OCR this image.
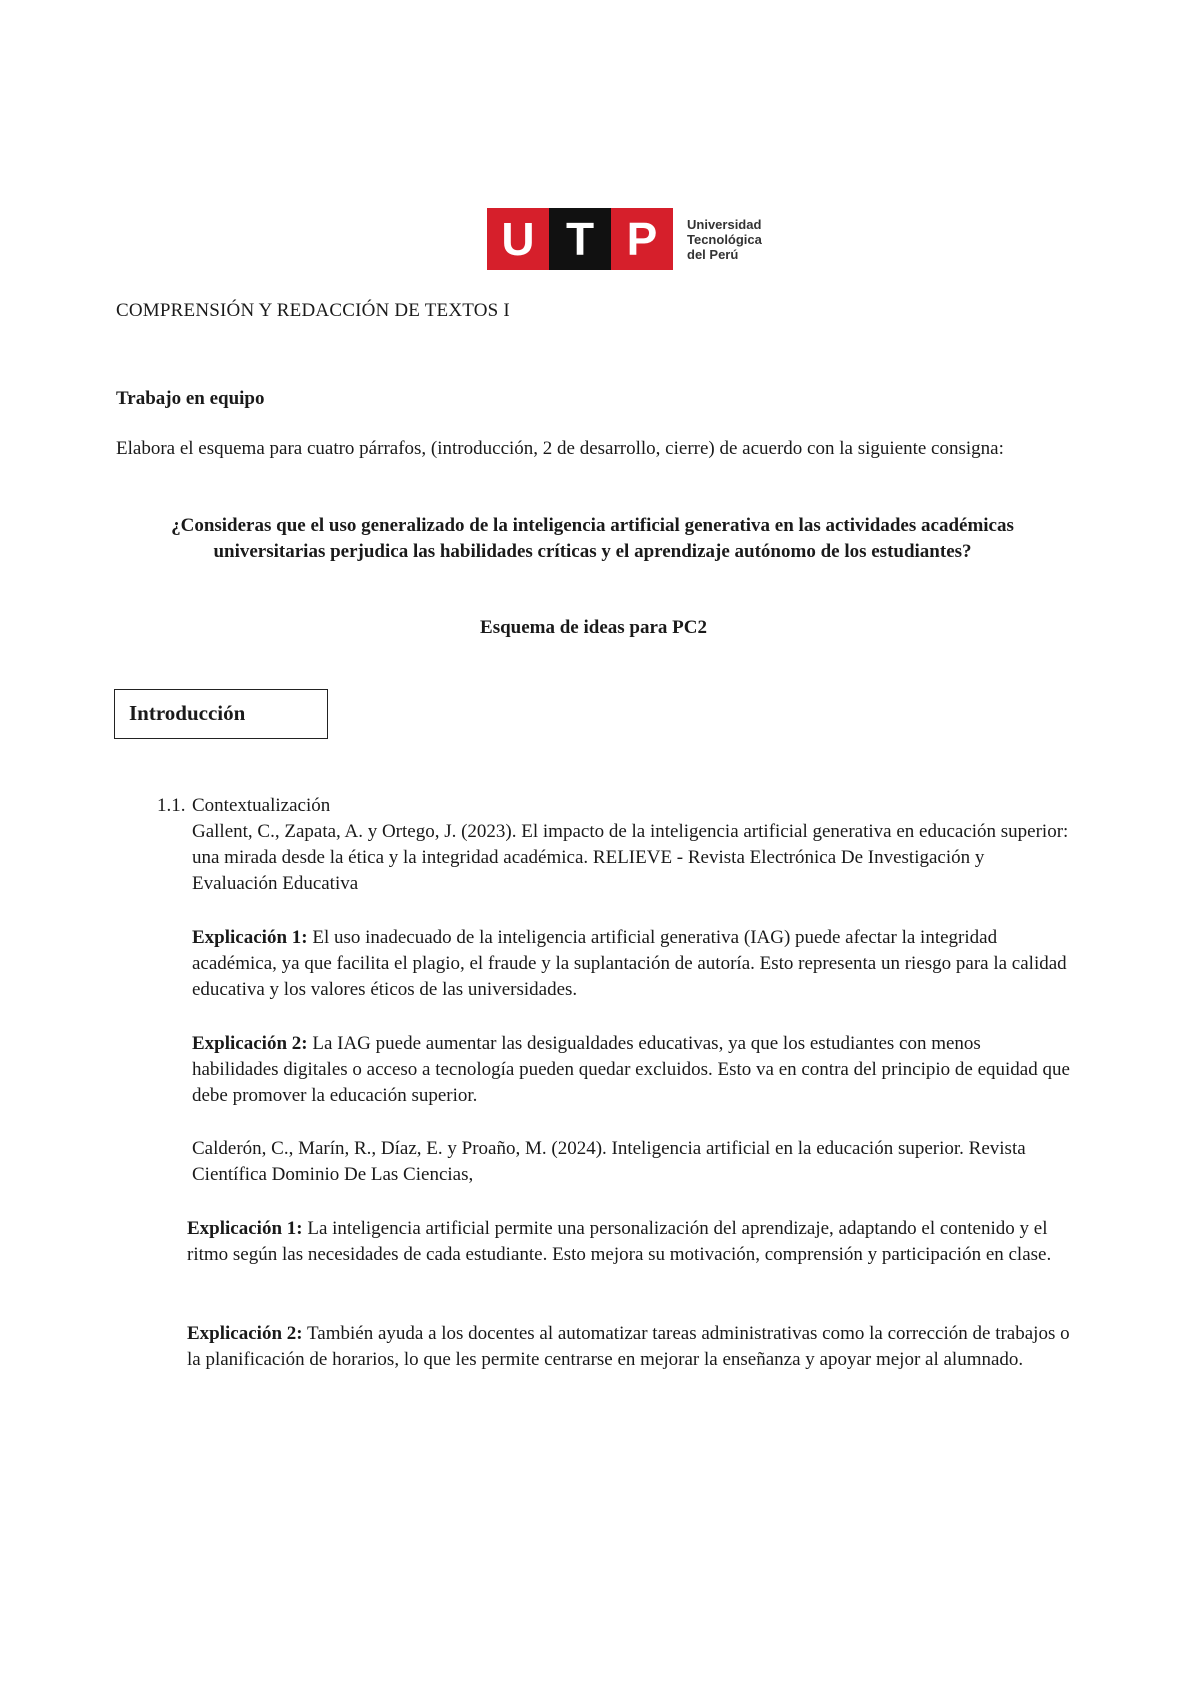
U T P	Universidad
Tecnológica
del Perú

COMPRENSIÓN Y REDACCIÓN DE TEXTOS I

Trabajo en equipo

Elabora el esquema para cuatro párrafos, (introducción, 2 de desarrollo, cierre) de acuerdo con la siguiente consigna:

¿Consideras que el uso generalizado de la inteligencia artificial generativa en las actividades académicas universitarias perjudica las habilidades críticas y el aprendizaje autónomo de los estudiantes?

Esquema de ideas para PC2

Introducción

1.1. Contextualización

Gallent, C., Zapata, A. y Ortego, J. (2023). El impacto de la inteligencia artificial generativa en educación superior: una mirada desde la ética y la integridad académica. RELIEVE - Revista Electrónica De Investigación y Evaluación Educativa

Explicación 1: El uso inadecuado de la inteligencia artificial generativa (IAG) puede afectar la integridad académica, ya que facilita el plagio, el fraude y la suplantación de autoría. Esto representa un riesgo para la calidad educativa y los valores éticos de las universidades.

Explicación 2: La IAG puede aumentar las desigualdades educativas, ya que los estudiantes con menos habilidades digitales o acceso a tecnología pueden quedar excluidos. Esto va en contra del principio de equidad que debe promover la educación superior.

Calderón, C., Marín, R., Díaz, E. y Proaño, M. (2024). Inteligencia artificial en la educación superior. Revista Científica Dominio De Las Ciencias,

Explicación 1: La inteligencia artificial permite una personalización del aprendizaje, adaptando el contenido y el ritmo según las necesidades de cada estudiante. Esto mejora su motivación, comprensión y participación en clase.

Explicación 2: También ayuda a los docentes al automatizar tareas administrativas como la corrección de trabajos o la planificación de horarios, lo que les permite centrarse en mejorar la enseñanza y apoyar mejor al alumnado.
